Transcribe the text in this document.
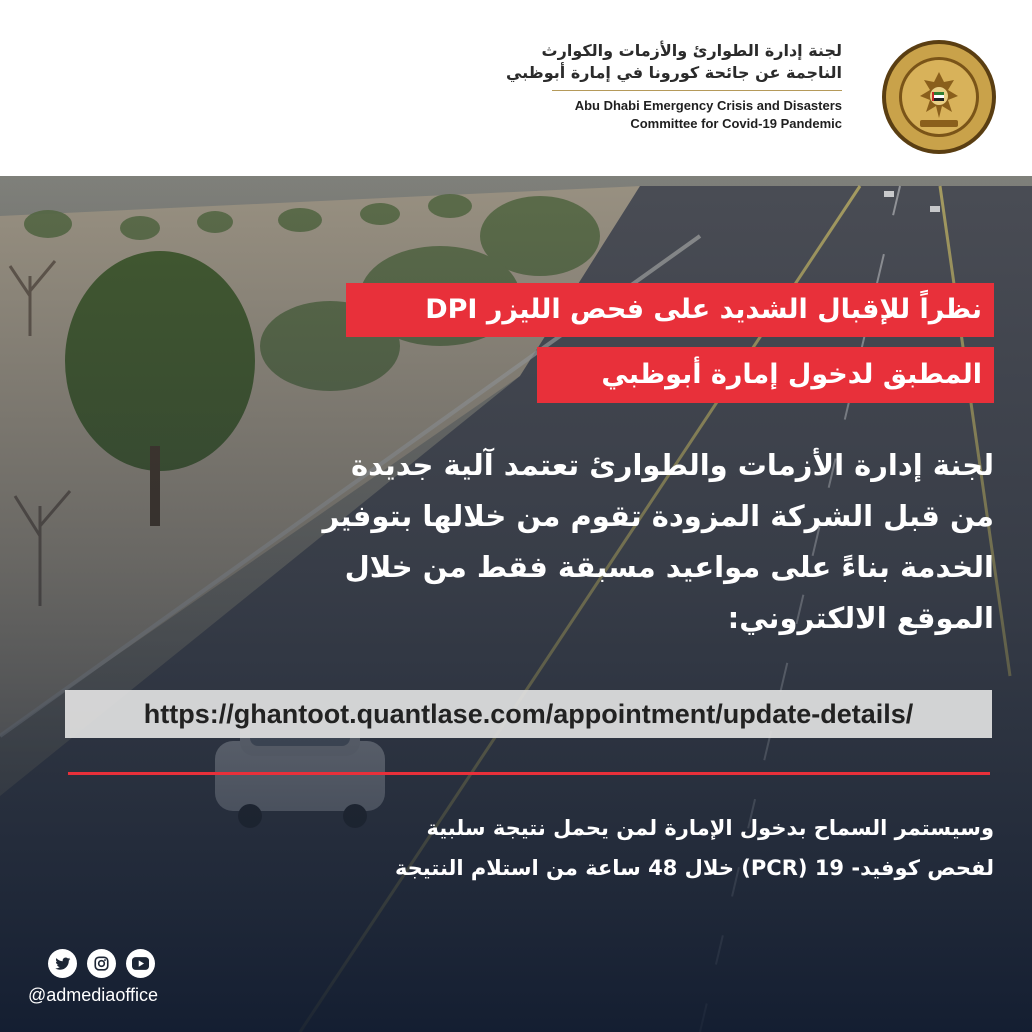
لجنة إدارة الطوارئ والأزمات والكوارث
الناجمة عن جائحة كورونا في إمارة أبوظبي
Abu Dhabi Emergency Crisis and Disasters
Committee for Covid-19 Pandemic
نظراً للإقبال الشديد على فحص الليزر DPI
المطبق لدخول إمارة أبوظبي
لجنة إدارة الأزمات والطوارئ تعتمد آلية جديدة
من قبل الشركة المزودة تقوم من خلالها بتوفير
الخدمة بناءً على مواعيد مسبقة فقط من خلال
الموقع الالكتروني:
https://ghantoot.quantlase.com/appointment/update-details/
وسيستمر السماح بدخول الإمارة لمن يحمل نتيجة سلبية
لفحص كوفيد- 19 (PCR) خلال 48 ساعة من استلام النتيجة
@admediaoffice
